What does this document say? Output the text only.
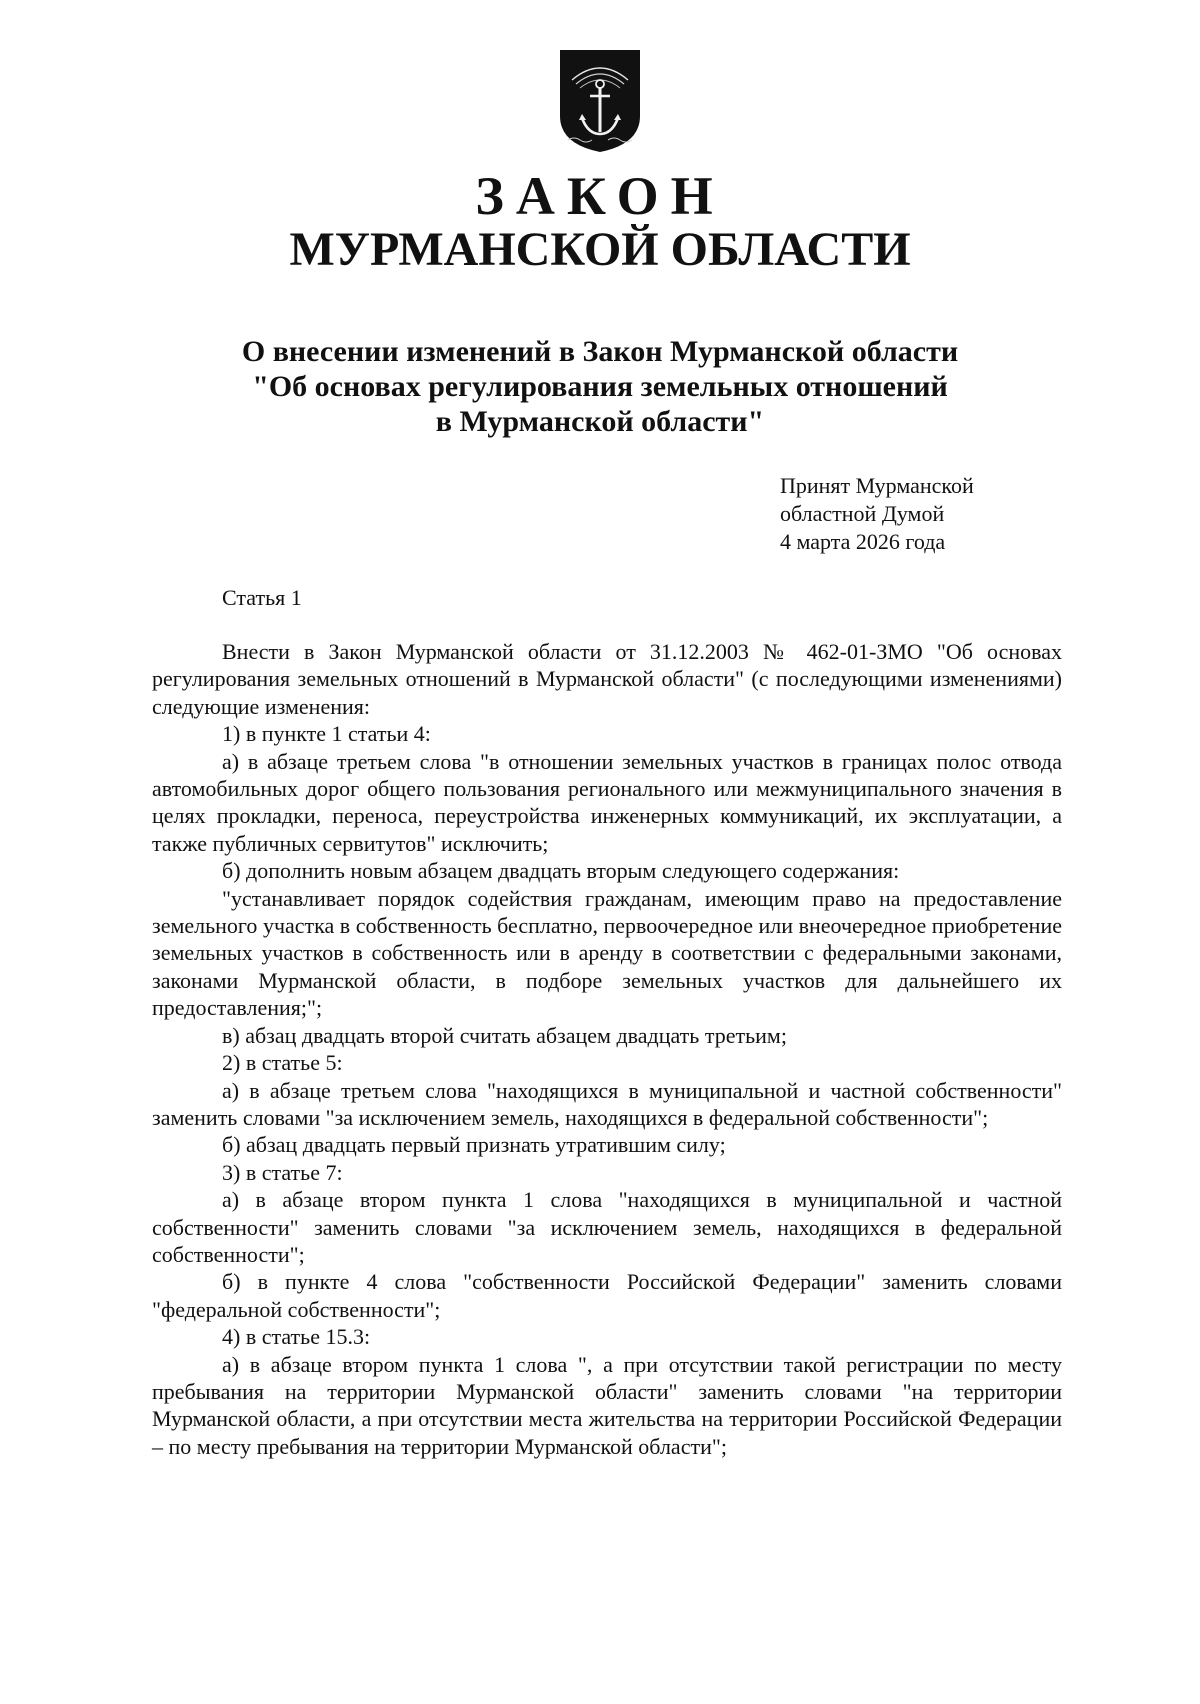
ЗАКОН
МУРМАНСКОЙ ОБЛАСТИ
О внесении изменений в Закон Мурманской области
"Об основах регулирования земельных отношений
в Мурманской области"
Принят Мурманской
областной Думой
4 марта 2026 года
Статья 1

Внести в Закон Мурманской области от 31.12.2003 № 462-01-ЗМО "Об основах регулирования земельных отношений в Мурманской области" (с последующими изменениями) следующие изменения:

1) в пункте 1 статьи 4:

а) в абзаце третьем слова "в отношении земельных участков в границах полос отвода автомобильных дорог общего пользования регионального или межмуниципального значения в целях прокладки, переноса, переустройства инженерных коммуникаций, их эксплуатации, а также публичных сервитутов" исключить;

б) дополнить новым абзацем двадцать вторым следующего содержания:

"устанавливает порядок содействия гражданам, имеющим право на предоставление земельного участка в собственность бесплатно, первоочередное или внеочередное приобретение земельных участков в собственность или в аренду в соответствии с федеральными законами, законами Мурманской области, в подборе земельных участков для дальнейшего их предоставления;";

в) абзац двадцать второй считать абзацем двадцать третьим;

2) в статье 5:

а) в абзаце третьем слова "находящихся в муниципальной и частной собственности" заменить словами "за исключением земель, находящихся в федеральной собственности";

б) абзац двадцать первый признать утратившим силу;

3) в статье 7:

а) в абзаце втором пункта 1 слова "находящихся в муниципальной и частной собственности" заменить словами "за исключением земель, находящихся в федеральной собственности";

б) в пункте 4 слова "собственности Российской Федерации" заменить словами "федеральной собственности";

4) в статье 15.3:

а) в абзаце втором пункта 1 слова ", а при отсутствии такой регистрации по месту пребывания на территории Мурманской области" заменить словами "на территории Мурманской области, а при отсутствии места жительства на территории Российской Федерации – по месту пребывания на территории Мурманской области";
